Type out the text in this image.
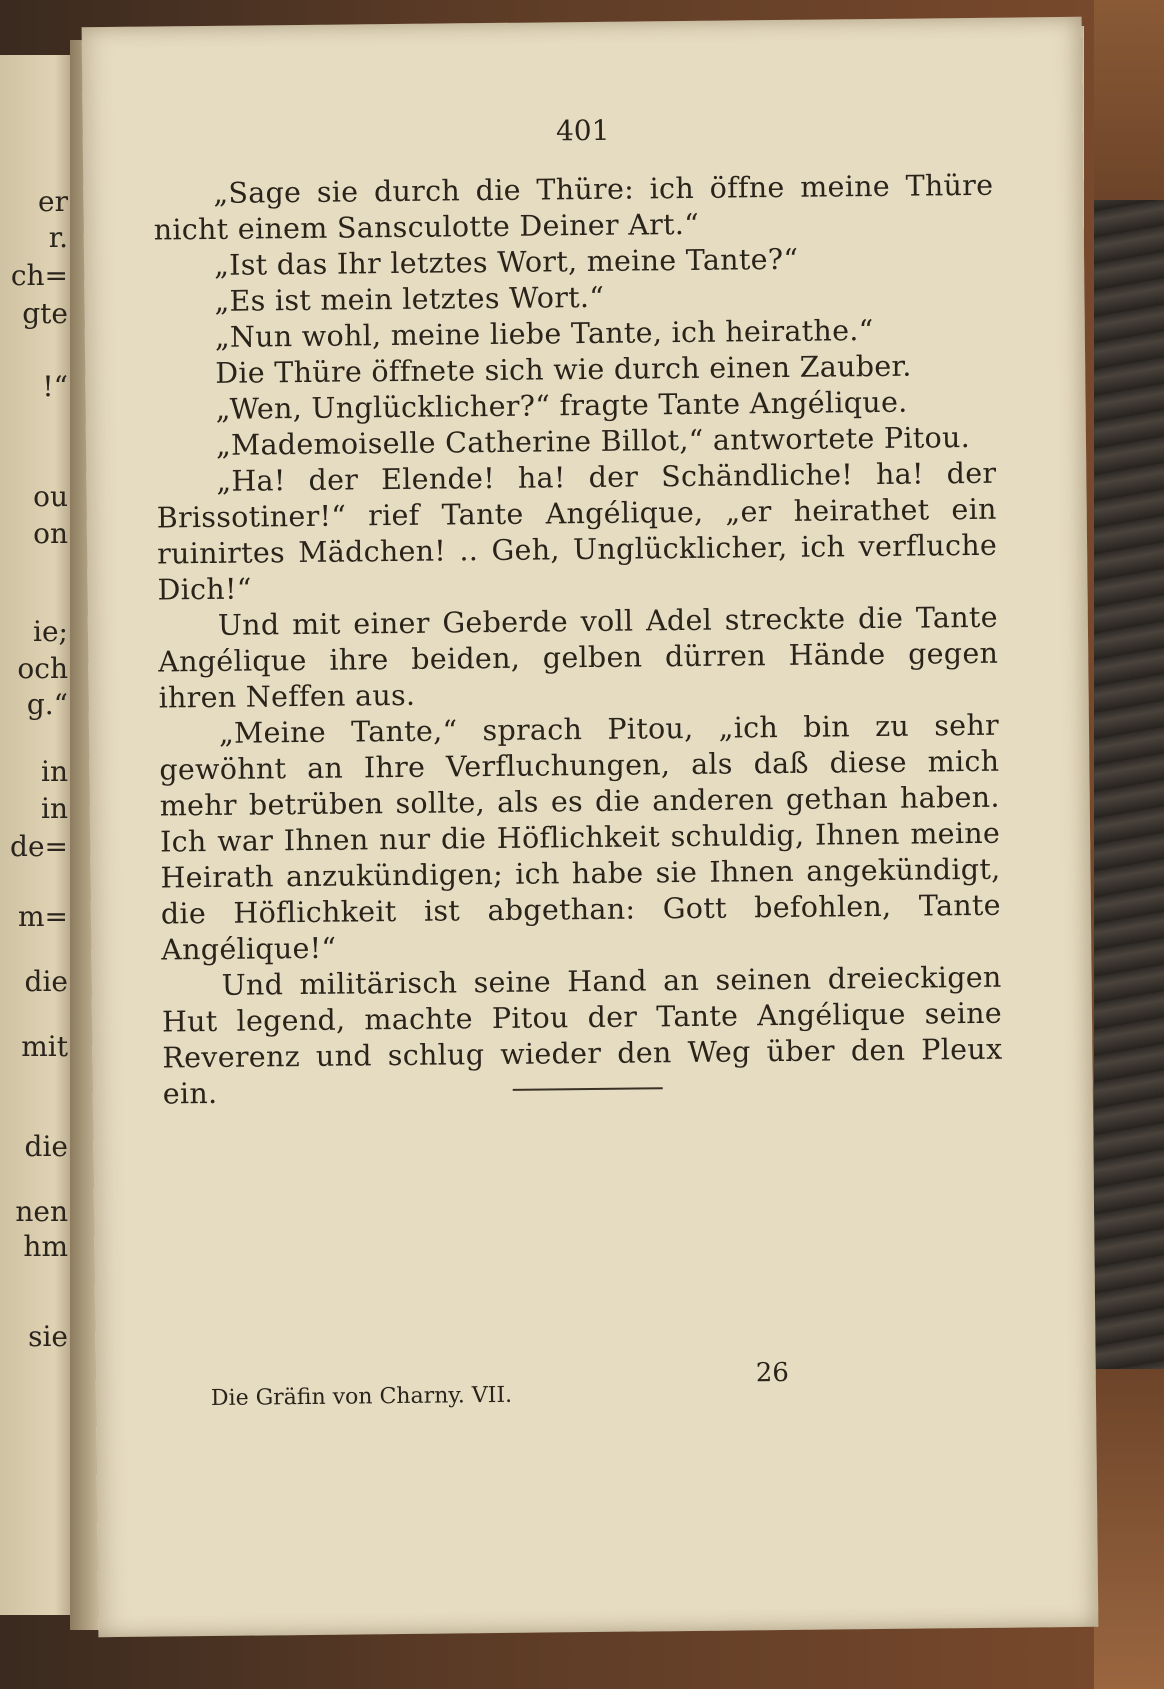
er
r.
ch=
gte
!“
ou
on
ie;
och
g.“
in
in
de=
m=
die
mit
die
nen
hm
sie
401

„Sage sie durch die Thüre: ich öffne meine Thüre nicht einem Sansculotte Deiner Art.“

„Ist das Ihr letztes Wort, meine Tante?“

„Es ist mein letztes Wort.“

„Nun wohl, meine liebe Tante, ich heirathe.“

Die Thüre öffnete sich wie durch einen Zauber.

„Wen, Unglücklicher?“ fragte Tante Angélique.

„Mademoiselle Catherine Billot,“ antwortete Pitou.

„Ha! der Elende! ha! der Schändliche! ha! der Brissotiner!“ rief Tante Angélique, „er heirathet ein ruinirtes Mädchen! .. Geh, Unglücklicher, ich verfluche Dich!“

Und mit einer Geberde voll Adel streckte die Tante Angélique ihre beiden, gelben dürren Hände gegen ihren Neffen aus.

„Meine Tante,“ sprach Pitou, „ich bin zu sehr gewöhnt an Ihre Verfluchungen, als daß diese mich mehr betrüben sollte, als es die anderen gethan haben. Ich war Ihnen nur die Höflichkeit schuldig, Ihnen meine Heirath anzukündigen; ich habe sie Ihnen angekündigt, die Höflichkeit ist abgethan: Gott befohlen, Tante Angélique!“

Und militärisch seine Hand an seinen dreieckigen Hut legend, machte Pitou der Tante Angélique seine Reverenz und schlug wieder den Weg über den Pleux ein.

Die Gräfin von Charny. VII.
26
